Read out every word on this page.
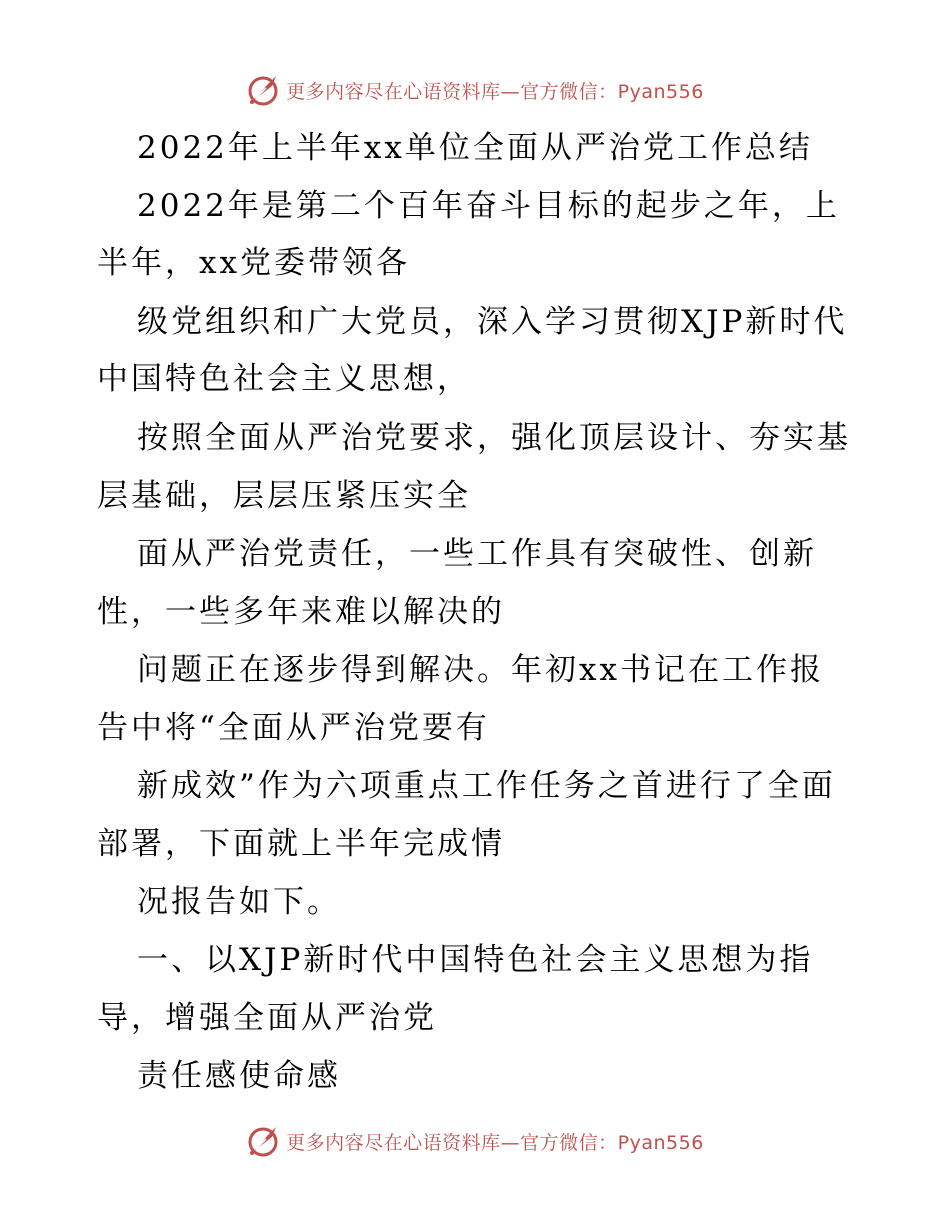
更多内容尽在心语资料库—官方微信：Pyan556
2022年上半年xx单位全面从严治党工作总结
2022年是第二个百年奋斗目标的起步之年，上
半年，xx党委带领各
级党组织和广大党员，深入学习贯彻XJP新时代
中国特色社会主义思想，
按照全面从严治党要求，强化顶层设计、夯实基
层基础，层层压紧压实全
面从严治党责任，一些工作具有突破性、创新
性，一些多年来难以解决的
问题正在逐步得到解决。年初xx书记在工作报
告中将“全面从严治党要有
新成效”作为六项重点工作任务之首进行了全面
部署，下面就上半年完成情
况报告如下。
一、以XJP新时代中国特色社会主义思想为指
导，增强全面从严治党
责任感使命感
更多内容尽在心语资料库—官方微信：Pyan556
